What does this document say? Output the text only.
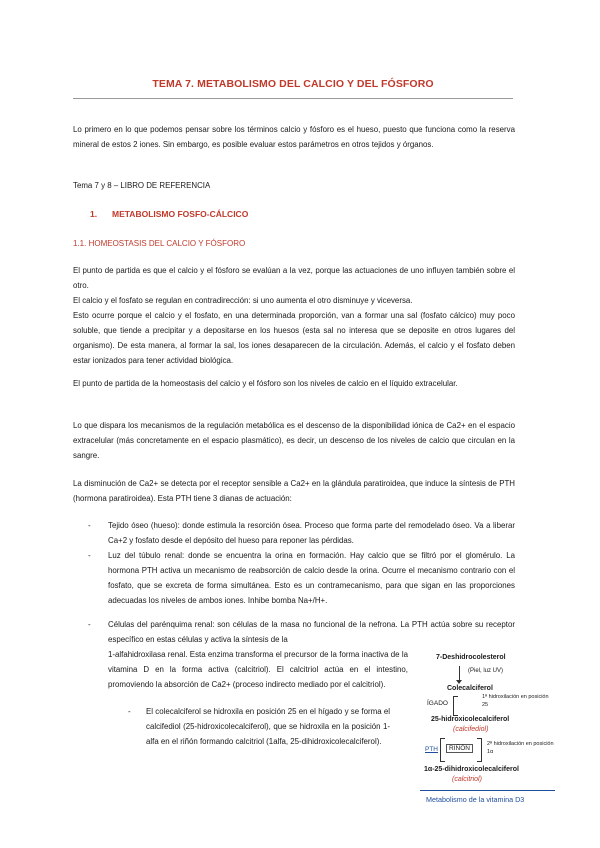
TEMA 7. METABOLISMO DEL CALCIO Y DEL FÓSFORO

Lo primero en lo que podemos pensar sobre los términos calcio y fósforo es el hueso, puesto que funciona como la reserva mineral de estos 2 iones. Sin embargo, es posible evaluar estos parámetros en otros tejidos y órganos.

Tema 7 y 8 – LIBRO DE REFERENCIA

1. METABOLISMO FOSFO-CÁLCICO
1.1. HOMEOSTASIS DEL CALCIO Y FÓSFORO

El punto de partida es que el calcio y el fósforo se evalúan a la vez, porque las actuaciones de uno influyen también sobre el otro.

El calcio y el fosfato se regulan en contradirección: si uno aumenta el otro disminuye y viceversa.

Esto ocurre porque el calcio y el fosfato, en una determinada proporción, van a formar una sal (fosfato cálcico) muy poco soluble, que tiende a precipitar y a depositarse en los huesos (esta sal no interesa que se deposite en otros lugares del organismo). De esta manera, al formar la sal, los iones desaparecen de la circulación. Además, el calcio y el fosfato deben estar ionizados para tener actividad biológica.

El punto de partida de la homeostasis del calcio y el fósforo son los niveles de calcio en el líquido extracelular.

Lo que dispara los mecanismos de la regulación metabólica es el descenso de la disponibilidad iónica de Ca2+ en el espacio extracelular (más concretamente en el espacio plasmático), es decir, un descenso de los niveles de calcio que circulan en la sangre.

La disminución de Ca2+ se detecta por el receptor sensible a Ca2+ en la glándula paratiroidea, que induce la síntesis de PTH (hormona paratiroidea). Esta PTH tiene 3 dianas de actuación:

- Tejido óseo (hueso): donde estimula la resorción ósea. Proceso que forma parte del remodelado óseo. Va a liberar Ca+2 y fosfato desde el depósito del hueso para reponer las pérdidas.
- Luz del túbulo renal: donde se encuentra la orina en formación. Hay calcio que se filtró por el glomérulo. La hormona PTH activa un mecanismo de reabsorción de calcio desde la orina. Ocurre el mecanismo contrario con el fosfato, que se excreta de forma simultánea. Esto es un contramecanismo, para que sigan en las proporciones adecuadas los niveles de ambos iones. Inhibe bomba Na+/H+.
- Células del parénquima renal: son células de la masa no funcional de la nefrona. La PTH actúa sobre su receptor específico en estas células y activa la síntesis de la
1-alfahidroxilasa renal. Esta enzima transforma el precursor de la forma inactiva de la vitamina D en la forma activa (calcitriol). El calcitriol actúa en el intestino, promoviendo la absorción de Ca2+ (proceso indirecto mediado por el calcitriol).
- El colecalciferol se hidroxila en posición 25 en el hígado y se forma el calcifediol (25-hidroxicolecalciferol), que se hidroxila en la posición 1-alfa en el riñón formando calcitriol (1alfa, 25-dihidroxicolecalciferol).
7-Deshidrocolesterol
(Piel, luz UV)
Colecalciferol
ÍGADO
1ª hidroxilación en posición 25
25-hidroxicolecalciferol
(calcifediol)
PTH	RIÑÓN
2ª hidroxilación en posición 1α
1α-25-dihidroxicolecalciferol
(calcitriol)
Metabolismo de la vitamina D3
